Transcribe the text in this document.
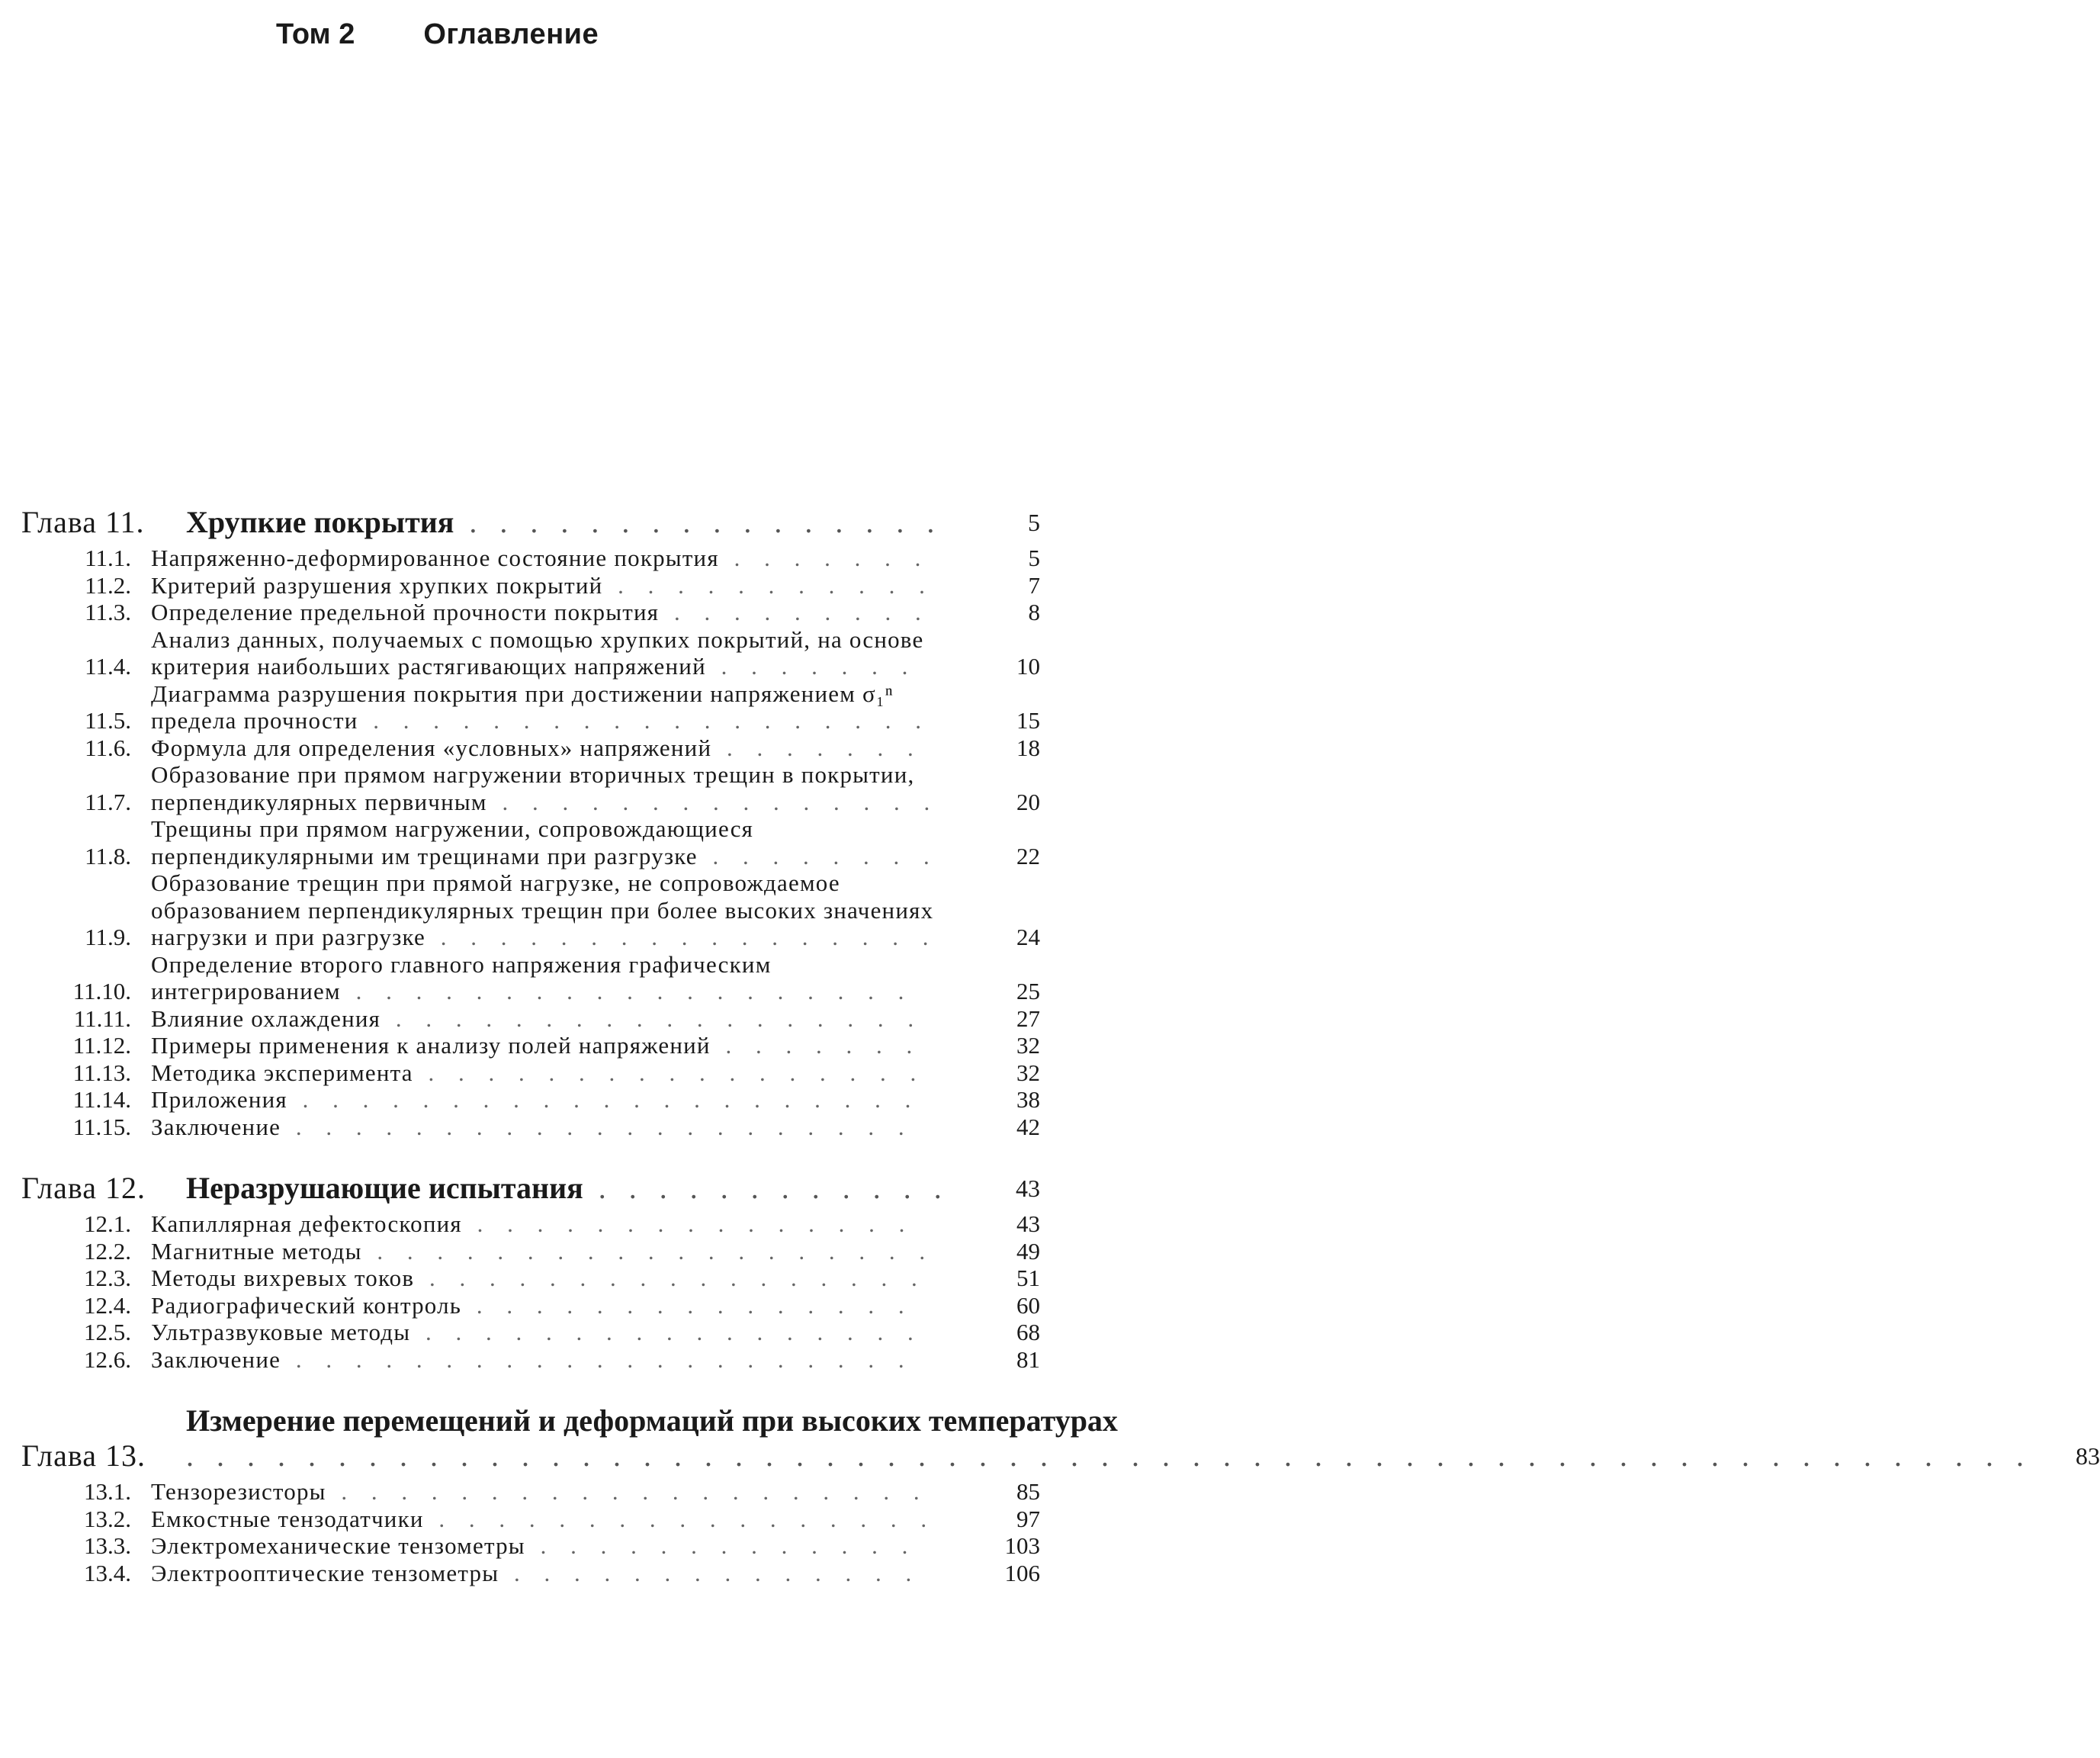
Том 2 Оглавление
Глава 11.	Хрупкие покрытия . . . . . . . . . . . . . . . .	5
11.1. Напряженно-деформированное состояние покрытия . . . . . . .	5
11.2. Критерий разрушения хрупких покрытий . . . . . . . . . . .	7
11.3. Определение предельной прочности покрытия . . . . . . . . .	8
11.4.
Анализ данных, получаемых с помощью хрупких покрытий, на основе критерия наибольших растягивающих напряжений . . . . . . .	10
11.5.
Диаграмма разрушения покрытия при достижении напряжением σ₁ⁿ предела прочности . . . . . . . . . . . . . . . . . . .	15
11.6. Формула для определения «условных» напряжений . . . . . . .	18
11.7.
Образование при прямом нагружении вторичных трещин в покрытии, перпендикулярных первичным . . . . . . . . . . . . . . .	20
11.8.
Трещины при прямом нагружении, сопровождающиеся перпендикулярными им трещинами при разгрузке . . . . . . . .	22
11.9.
Образование трещин при прямой нагрузке, не сопровождаемое образованием перпендикулярных трещин при более высоких значениях нагрузки и при разгрузке . . . . . . . . . . . . . . . . .	24
11.10.
Определение второго главного напряжения графическим интегрированием . . . . . . . . . . . . . . . . . . .	25
11.11. Влияние охлаждения . . . . . . . . . . . . . . . . . .	27
11.12. Примеры применения к анализу полей напряжений . . . . . . .	32
11.13. Методика эксперимента . . . . . . . . . . . . . . . . .	32
11.14. Приложения . . . . . . . . . . . . . . . . . . . . .	38
11.15. Заключение . . . . . . . . . . . . . . . . . . . . .	42
Глава 12.	Неразрушающие испытания . . . . . . . . . . . .	43
12.1. Капиллярная дефектоскопия . . . . . . . . . . . . . . .	43
12.2. Магнитные методы . . . . . . . . . . . . . . . . . . .	49
12.3. Методы вихревых токов . . . . . . . . . . . . . . . . .	51
12.4. Радиографический контроль . . . . . . . . . . . . . . .	60
12.5. Ультразвуковые методы . . . . . . . . . . . . . . . . .	68
12.6. Заключение . . . . . . . . . . . . . . . . . . . . .	81
Глава 13.
Измерение перемещений и деформаций при высоких температурах . . . . . . . . . . . . . . . . . . . . . . . . . . . . . . . . . . . . . . . . . . . . . . . . . . . . . . . . . . . . .	83
13.1. Тензорезисторы . . . . . . . . . . . . . . . . . . . .	85
13.2. Емкостные тензодатчики . . . . . . . . . . . . . . . . .	97
13.3. Электромеханические тензометры . . . . . . . . . . . . .	103
13.4. Электрооптические тензометры . . . . . . . . . . . . . .	106
